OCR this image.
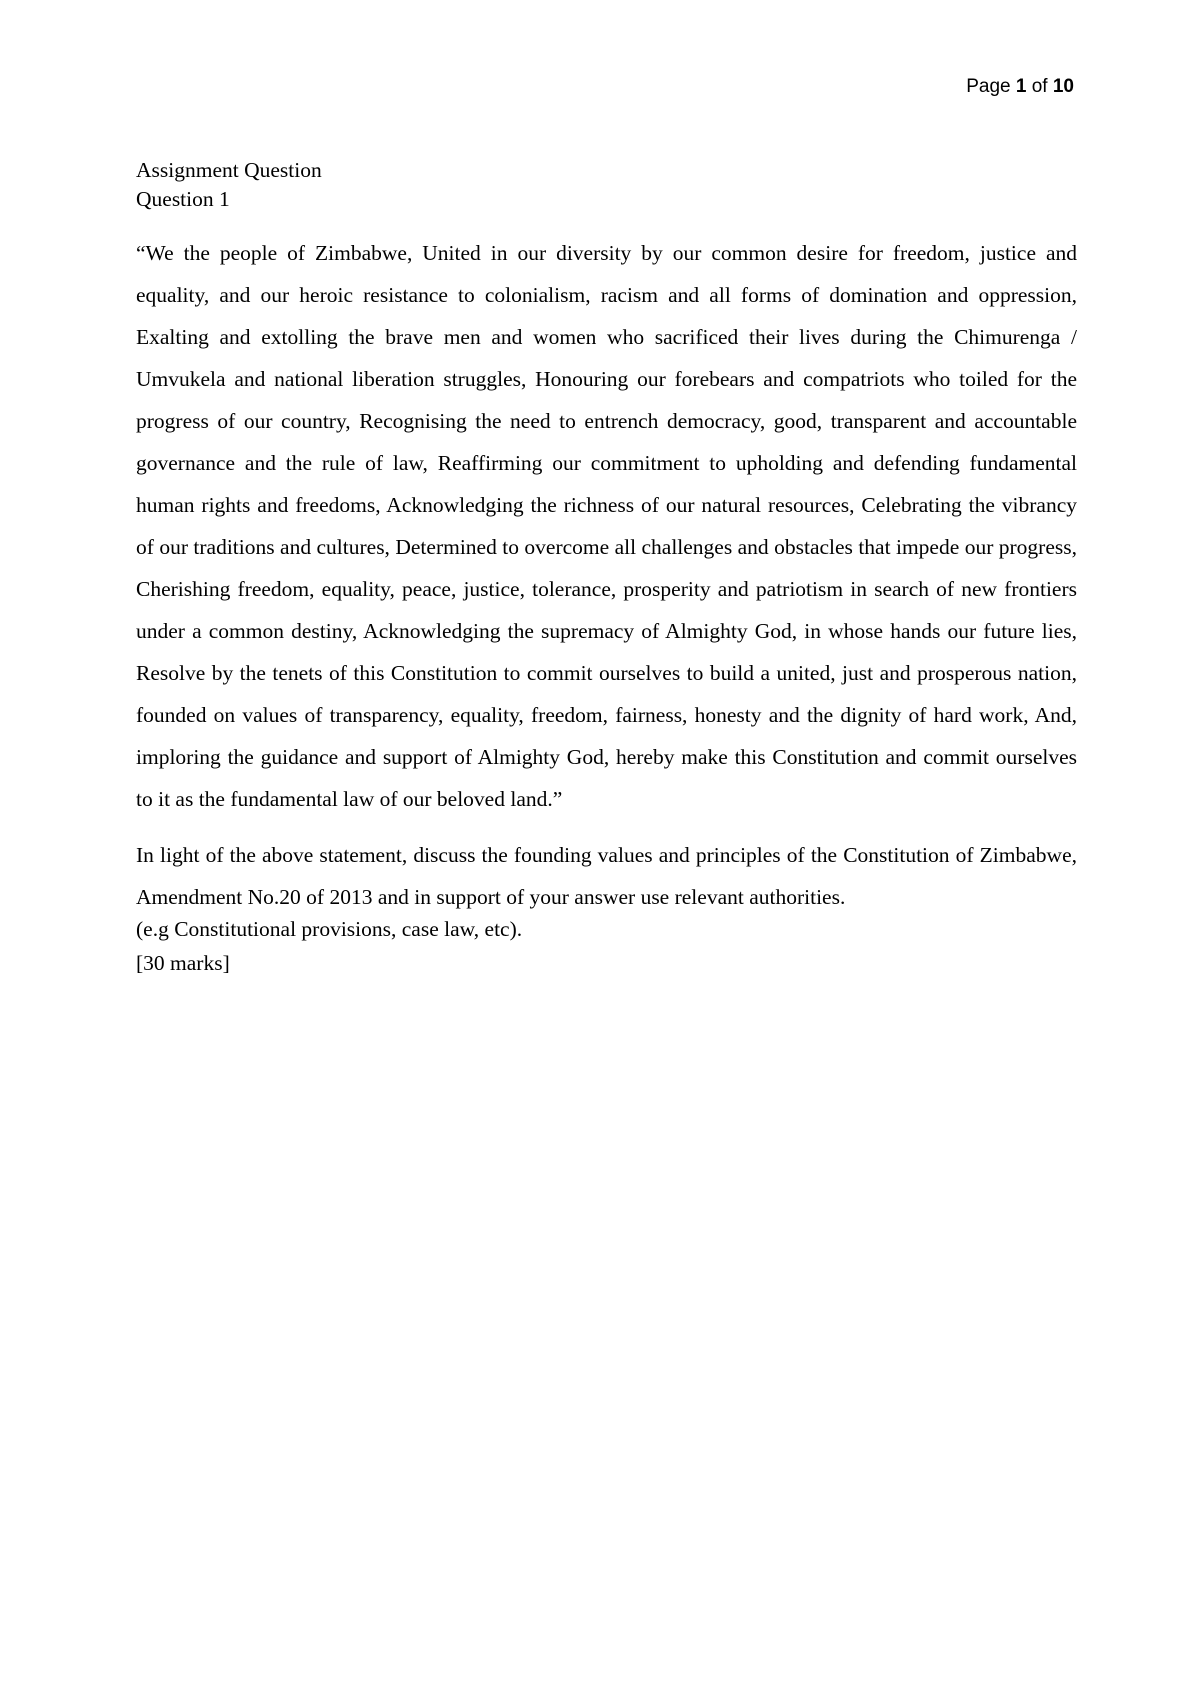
Page 1 of 10
Assignment Question
Question 1

“We the people of Zimbabwe, United in our diversity by our common desire for freedom, justice and equality, and our heroic resistance to colonialism, racism and all forms of domination and oppression, Exalting and extolling the brave men and women who sacrificed their lives during the Chimurenga / Umvukela and national liberation struggles, Honouring our forebears and compatriots who toiled for the progress of our country, Recognising the need to entrench democracy, good, transparent and accountable governance and the rule of law, Reaffirming our commitment to upholding and defending fundamental human rights and freedoms, Acknowledging the richness of our natural resources, Celebrating the vibrancy of our traditions and cultures, Determined to overcome all challenges and obstacles that impede our progress, Cherishing freedom, equality, peace, justice, tolerance, prosperity and patriotism in search of new frontiers under a common destiny, Acknowledging the supremacy of Almighty God, in whose hands our future lies, Resolve by the tenets of this Constitution to commit ourselves to build a united, just and prosperous nation, founded on values of transparency, equality, freedom, fairness, honesty and the dignity of hard work, And, imploring the guidance and support of Almighty God, hereby make this Constitution and commit ourselves to it as the fundamental law of our beloved land.”

In light of the above statement, discuss the founding values and principles of the Constitution of Zimbabwe, Amendment No.20 of 2013 and in support of your answer use relevant authorities.

(e.g Constitutional provisions, case law, etc).
[30 marks]
